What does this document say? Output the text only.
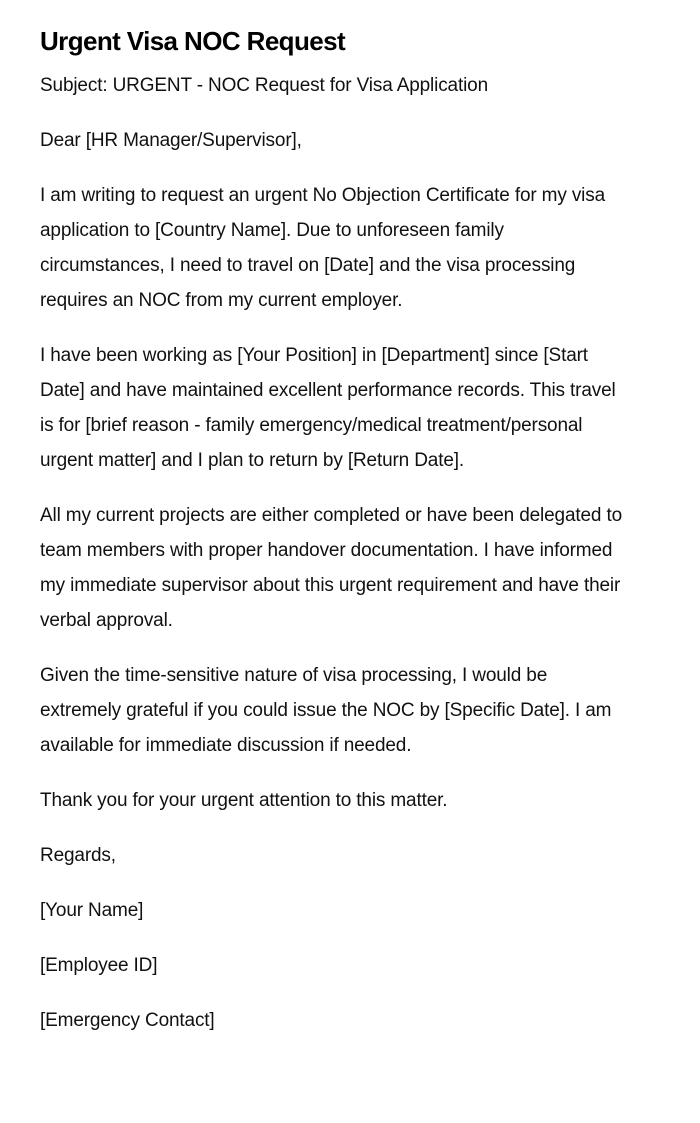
Urgent Visa NOC Request

Subject: URGENT - NOC Request for Visa Application

Dear [HR Manager/Supervisor],

I am writing to request an urgent No Objection Certificate for my visa application to [Country Name]. Due to unforeseen family circumstances, I need to travel on [Date] and the visa processing requires an NOC from my current employer.

I have been working as [Your Position] in [Department] since [Start Date] and have maintained excellent performance records. This travel is for [brief reason - family emergency/medical treatment/personal urgent matter] and I plan to return by [Return Date].

All my current projects are either completed or have been delegated to team members with proper handover documentation. I have informed my immediate supervisor about this urgent requirement and have their verbal approval.

Given the time-sensitive nature of visa processing, I would be extremely grateful if you could issue the NOC by [Specific Date]. I am available for immediate discussion if needed.

Thank you for your urgent attention to this matter.

Regards,

[Your Name]

[Employee ID]

[Emergency Contact]
